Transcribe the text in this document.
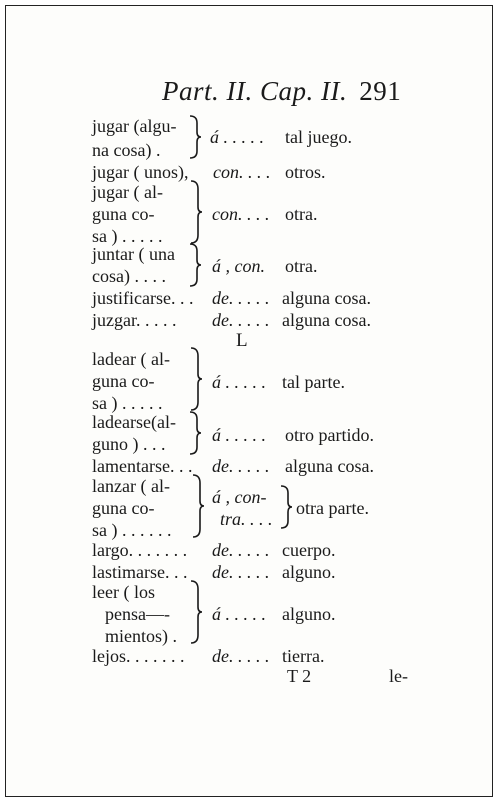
Part. II. Cap. II. 291
jugar (algu-
na cosa) .
á . . . . . tal juego.
jugar ( unos), con. . . . otros.
jugar ( al-
guna co-
sa ) . . . . .
con. . . . otra.
juntar ( una
cosa) . . . .	á , con. otra.
justificarse. . . de. . . . . alguna cosa.
juzgar. . . . . de. . . . . alguna cosa.
L
ladear ( al-
guna co-
sa ) . . . . .
á . . . . . tal parte.
ladearse(al-
guno ) . . .	á . . . . . otro partido.
lamentarse. . . de. . . . . alguna cosa.
lanzar ( al-
guna co-
sa ) . . . . . .
á , con-
tra. . . .
otra parte.
largo. . . . . . . de. . . . . cuerpo.
lastimarse. . . de. . . . . alguno.
leer ( los
pensa—-
mientos) .
á . . . . . alguno.
lejos. . . . . . . de. . . . . tierra.
T 2	le-
